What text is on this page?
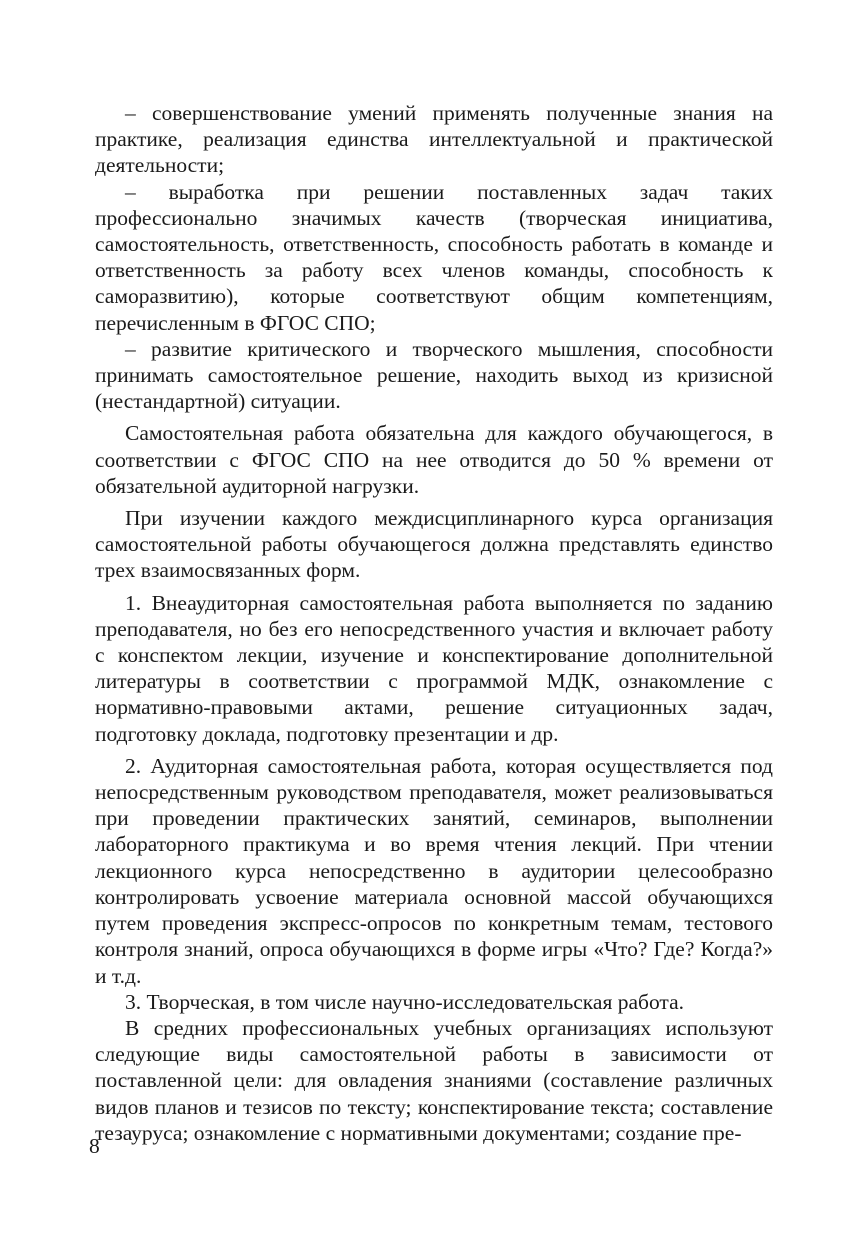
– совершенствование умений применять полученные знания на практике, реализация единства интеллектуальной и практической деятельности;

– выработка при решении поставленных задач таких профессионально значимых качеств (творческая инициатива, самостоятельность, ответственность, способность работать в команде и ответственность за работу всех членов команды, способность к саморазвитию), которые соответствуют общим компетенциям, перечисленным в ФГОС СПО;

– развитие критического и творческого мышления, способности принимать самостоятельное решение, находить выход из кризисной (нестандартной) ситуации.

Самостоятельная работа обязательна для каждого обучающегося, в соответствии с ФГОС СПО на нее отводится до 50 % времени от обязательной аудиторной нагрузки.

При изучении каждого междисциплинарного курса организация самостоятельной работы обучающегося должна представлять единство трех взаимосвязанных форм.

1. Внеаудиторная самостоятельная работа выполняется по заданию преподавателя, но без его непосредственного участия и включает работу с конспектом лекции, изучение и конспектирование дополнительной литературы в соответствии с программой МДК, ознакомление с нормативно-правовыми актами, решение ситуационных задач, подготовку доклада, подготовку презентации и др.

2. Аудиторная самостоятельная работа, которая осуществляется под непосредственным руководством преподавателя, может реализовываться при проведении практических занятий, семинаров, выполнении лабораторного практикума и во время чтения лекций. При чтении лекционного курса непосредственно в аудитории целесообразно контролировать усвоение материала основной массой обучающихся путем проведения экспресс-опросов по конкретным темам, тестового контроля знаний, опроса обучающихся в форме игры «Что? Где? Когда?» и т.д.

3. Творческая, в том числе научно-исследовательская работа.

В средних профессиональных учебных организациях используют следующие виды самостоятельной работы в зависимости от поставленной цели: для овладения знаниями (составление различных видов планов и тезисов по тексту; конспектирование текста; составление тезауруса; ознакомление с нормативными документами; создание пре-

8
